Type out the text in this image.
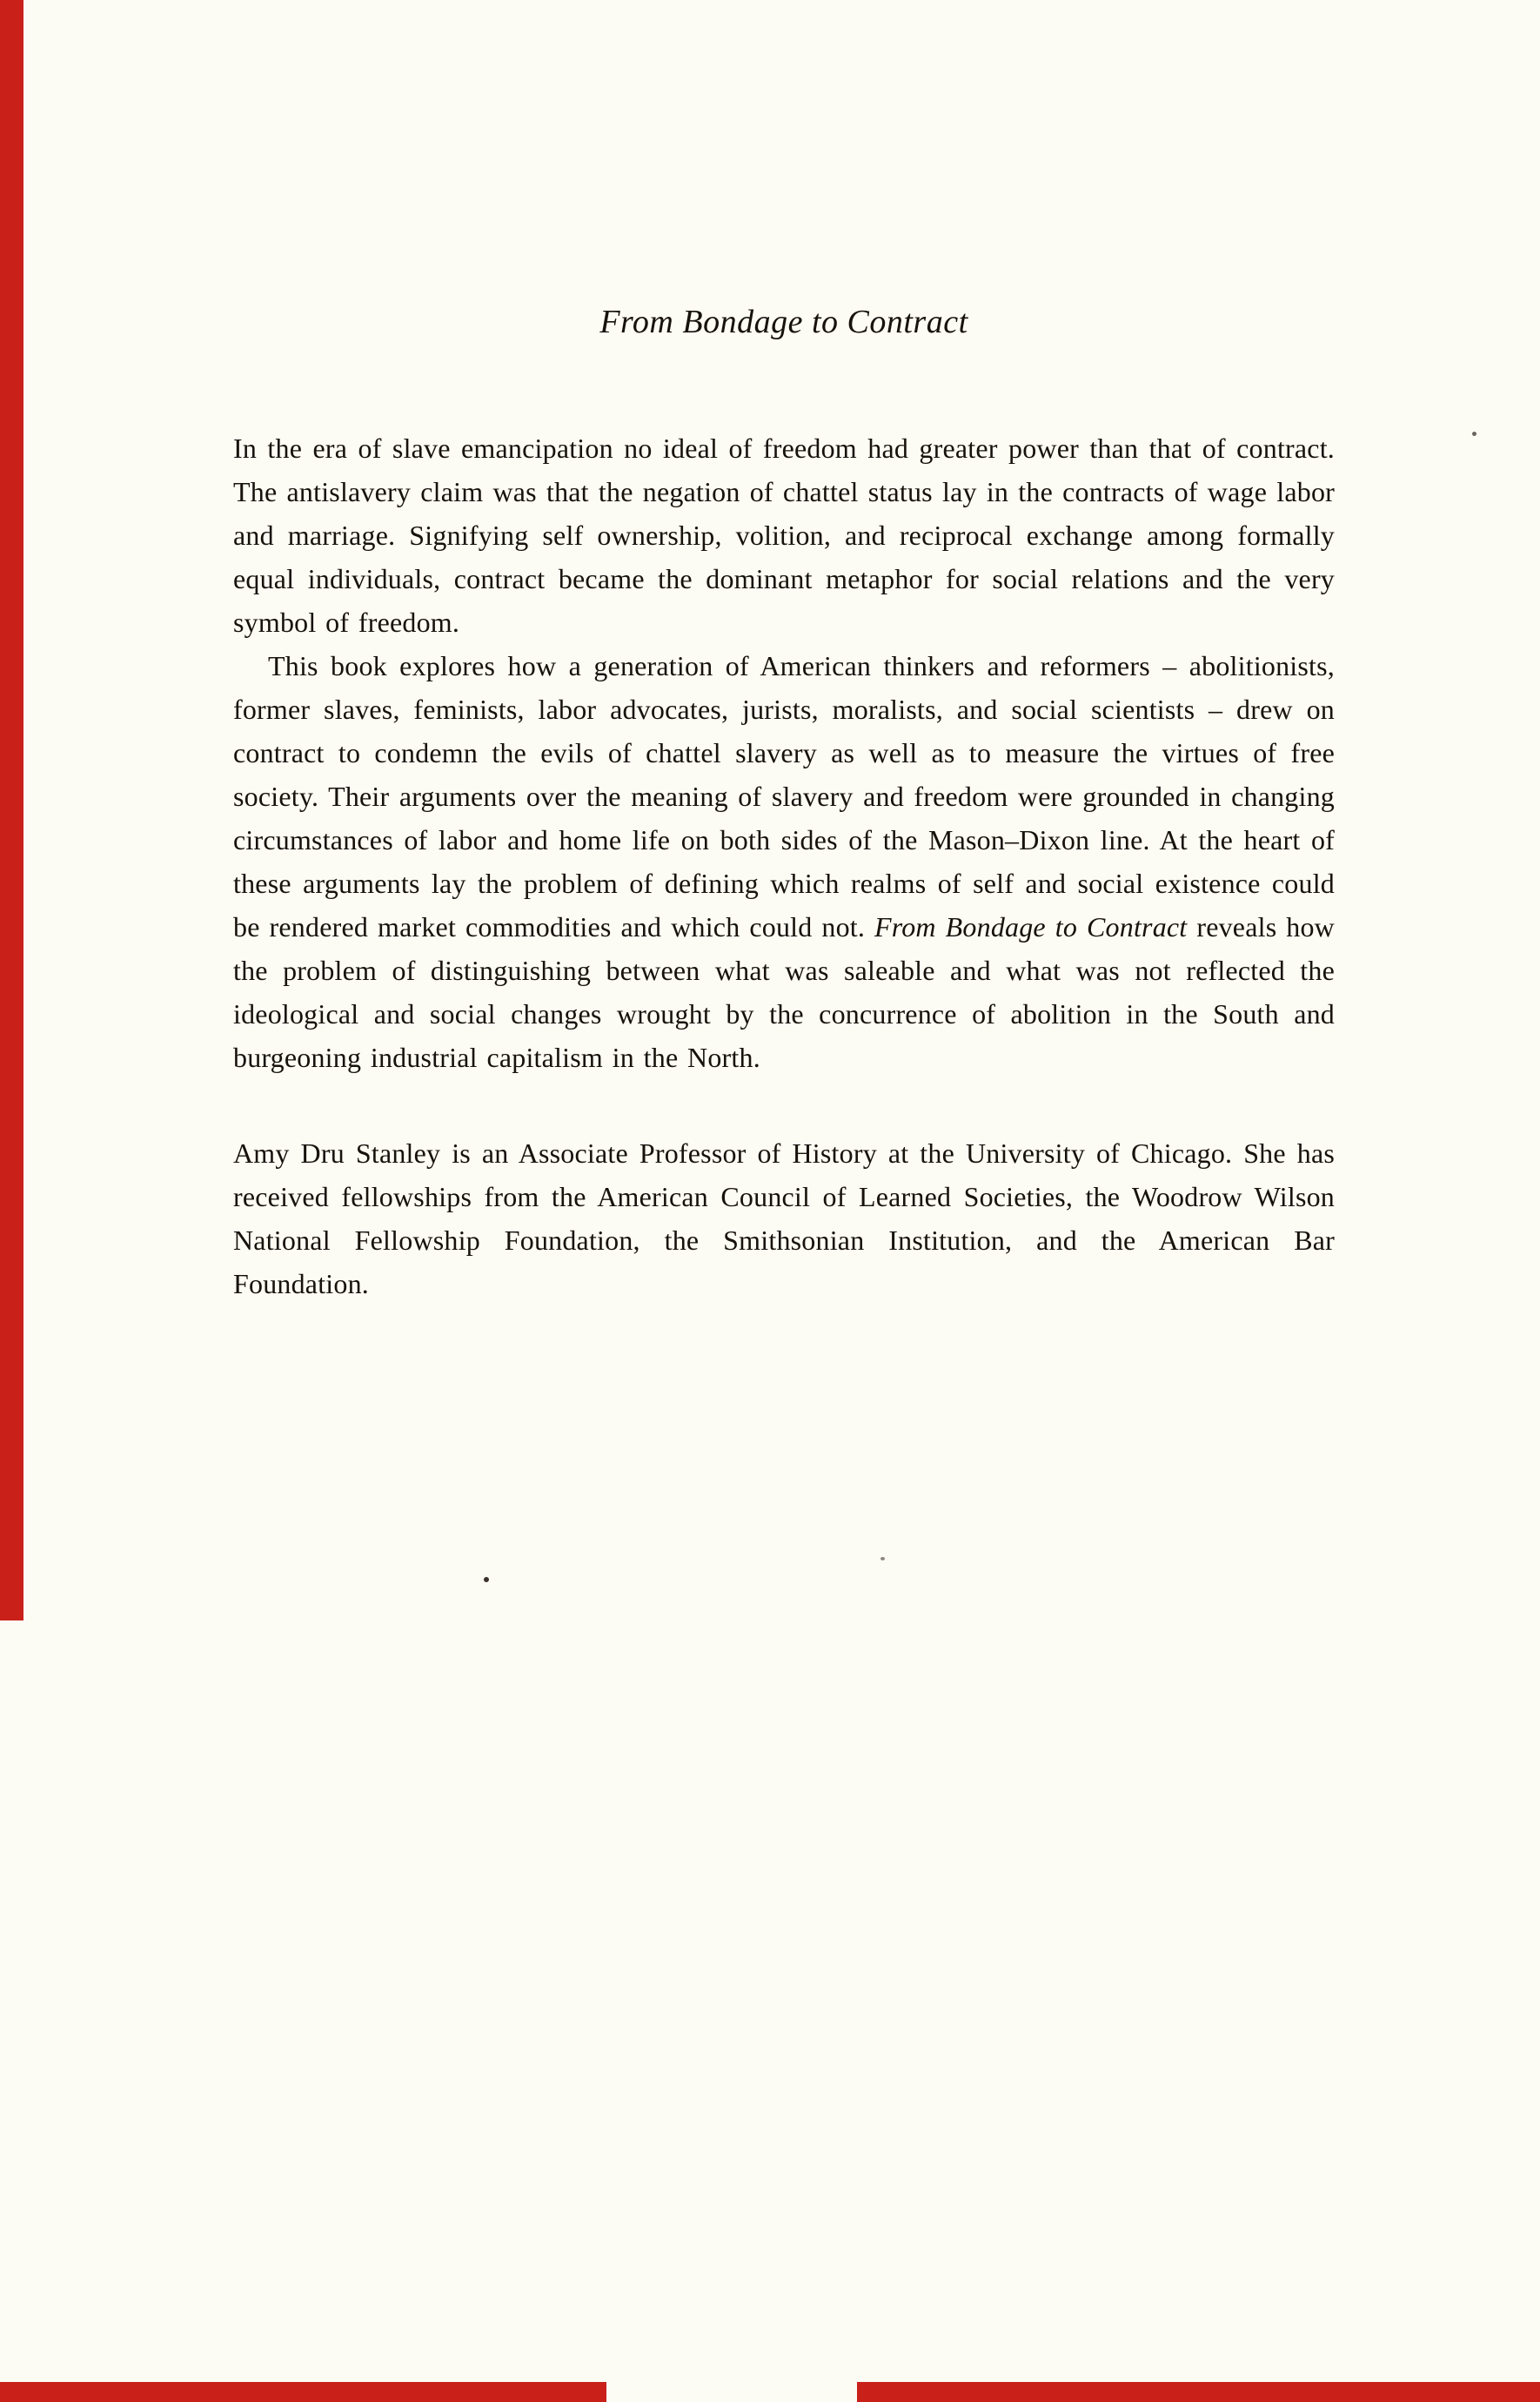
From Bondage to Contract

In the era of slave emancipation no ideal of freedom had greater power than that of contract. The antislavery claim was that the negation of chattel status lay in the contracts of wage labor and marriage. Signifying self ownership, volition, and reciprocal exchange among formally equal individuals, contract became the dominant metaphor for social relations and the very symbol of freedom.

This book explores how a generation of American thinkers and reformers – abolitionists, former slaves, feminists, labor advocates, jurists, moralists, and social scientists – drew on contract to condemn the evils of chattel slavery as well as to measure the virtues of free society. Their arguments over the meaning of slavery and freedom were grounded in changing circumstances of labor and home life on both sides of the Mason–Dixon line. At the heart of these arguments lay the problem of defining which realms of self and social existence could be rendered market commodities and which could not. From Bondage to Contract reveals how the problem of distinguishing between what was saleable and what was not reflected the ideological and social changes wrought by the concurrence of abolition in the South and burgeoning industrial capitalism in the North.

Amy Dru Stanley is an Associate Professor of History at the University of Chicago. She has received fellowships from the American Council of Learned Societies, the Woodrow Wilson National Fellowship Foundation, the Smithsonian Institution, and the American Bar Foundation.
